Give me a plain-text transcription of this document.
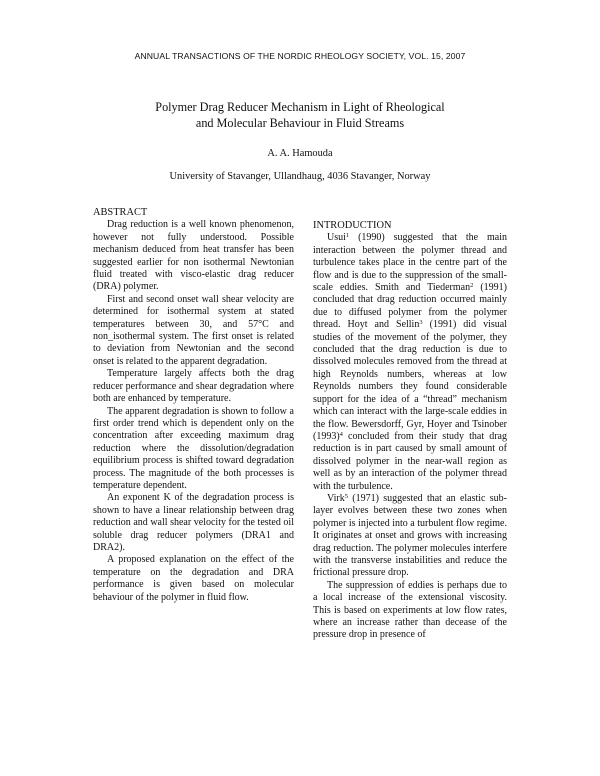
ANNUAL TRANSACTIONS OF THE NORDIC RHEOLOGY SOCIETY, VOL. 15, 2007
Polymer Drag Reducer Mechanism in Light of Rheological
and Molecular Behaviour in Fluid Streams
A. A. Hamouda
University of Stavanger, Ullandhaug, 4036 Stavanger, Norway
ABSTRACT

Drag reduction is a well known phenomenon, however not fully understood. Possible mechanism deduced from heat transfer has been suggested earlier for non isothermal Newtonian fluid treated with visco-elastic drag reducer (DRA) polymer.

First and second onset wall shear velocity are determined for isothermal system at stated temperatures between 30, and 57°C and non_isothermal system. The first onset is related to deviation from Newtonian and the second onset is related to the apparent degradation.

Temperature largely affects both the drag reducer performance and shear degradation where both are enhanced by temperature.

The apparent degradation is shown to follow a first order trend which is dependent only on the concentration after exceeding maximum drag reduction where the dissolution/degradation equilibrium process is shifted toward degradation process. The magnitude of the both processes is temperature dependent.

An exponent K of the degradation process is shown to have a linear relationship between drag reduction and wall shear velocity for the tested oil soluble drag reducer polymers (DRA1 and DRA2).

A proposed explanation on the effect of the temperature on the degradation and DRA performance is given based on molecular behaviour of the polymer in fluid flow.

INTRODUCTION

Usui$^1$ (1990) suggested that the main interaction between the polymer thread and turbulence takes place in the centre part of the flow and is due to the suppression of the small-scale eddies. Smith and Tiederman$^2$ (1991) concluded that drag reduction occurred mainly due to diffused polymer from the polymer thread. Hoyt and Sellin$^3$ (1991) did visual studies of the movement of the polymer, they concluded that the drag reduction is due to dissolved molecules removed from the thread at high Reynolds numbers, whereas at low Reynolds numbers they found considerable support for the idea of a “thread” mechanism which can interact with the large-scale eddies in the flow. Bewersdorff, Gyr, Hoyer and Tsinober $(1993)^4$ concluded from their study that drag reduction is in part caused by small amount of dissolved polymer in the near-wall region as well as by an interaction of the polymer thread with the turbulence.

Virk$^5$ (1971) suggested that an elastic sub-layer evolves between these two zones when polymer is injected into a turbulent flow regime. It originates at onset and grows with increasing drag reduction. The polymer molecules interfere with the transverse instabilities and reduce the frictional pressure drop.

The suppression of eddies is perhaps due to a local increase of the extensional viscosity. This is based on experiments at low flow rates, where an increase rather than decease of the pressure drop in presence of
